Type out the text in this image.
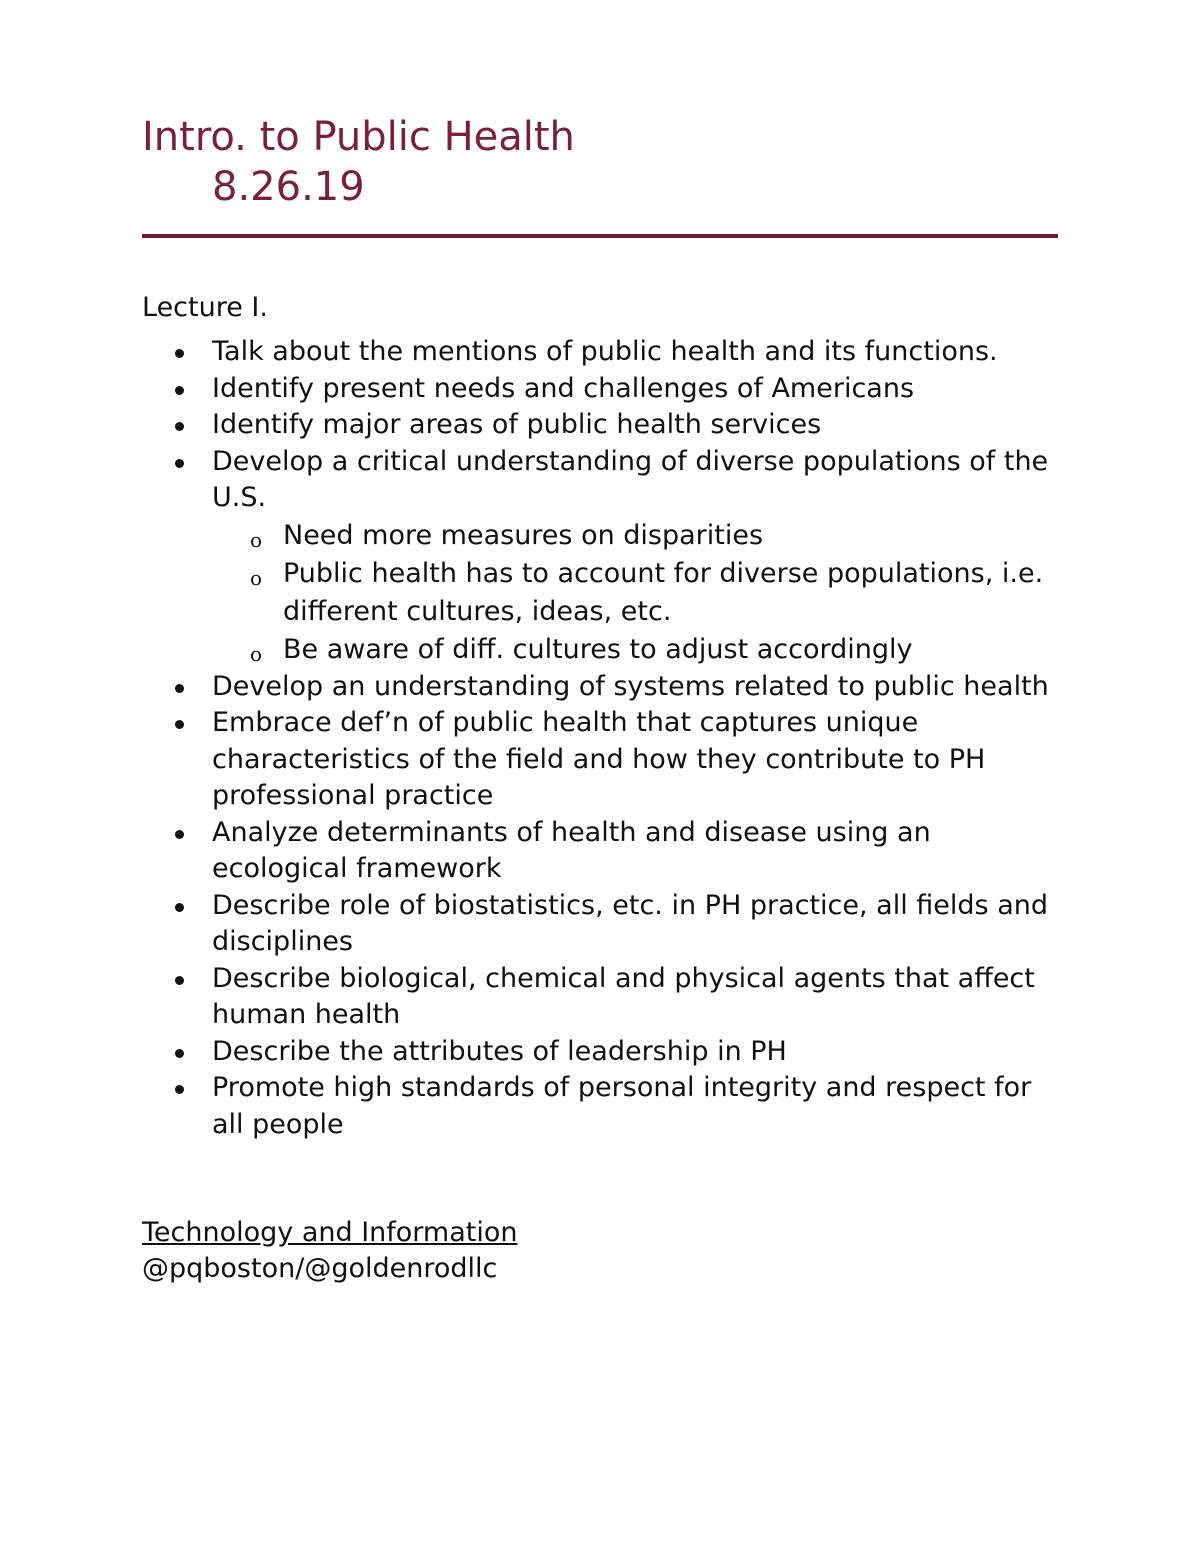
Intro. to Public Health
8.26.19
Lecture I.
Talk about the mentions of public health and its functions.
Identify present needs and challenges of Americans
Identify major areas of public health services
Develop a critical understanding of diverse populations of the U.S.
o Need more measures on disparities
o Public health has to account for diverse populations, i.e. different cultures, ideas, etc.
o Be aware of diff. cultures to adjust accordingly
Develop an understanding of systems related to public health
Embrace def’n of public health that captures unique characteristics of the field and how they contribute to PH professional practice
Analyze determinants of health and disease using an ecological framework
Describe role of biostatistics, etc. in PH practice, all fields and disciplines
Describe biological, chemical and physical agents that affect human health
Describe the attributes of leadership in PH
Promote high standards of personal integrity and respect for all people
Technology and Information
@pqboston/@goldenrodllc
